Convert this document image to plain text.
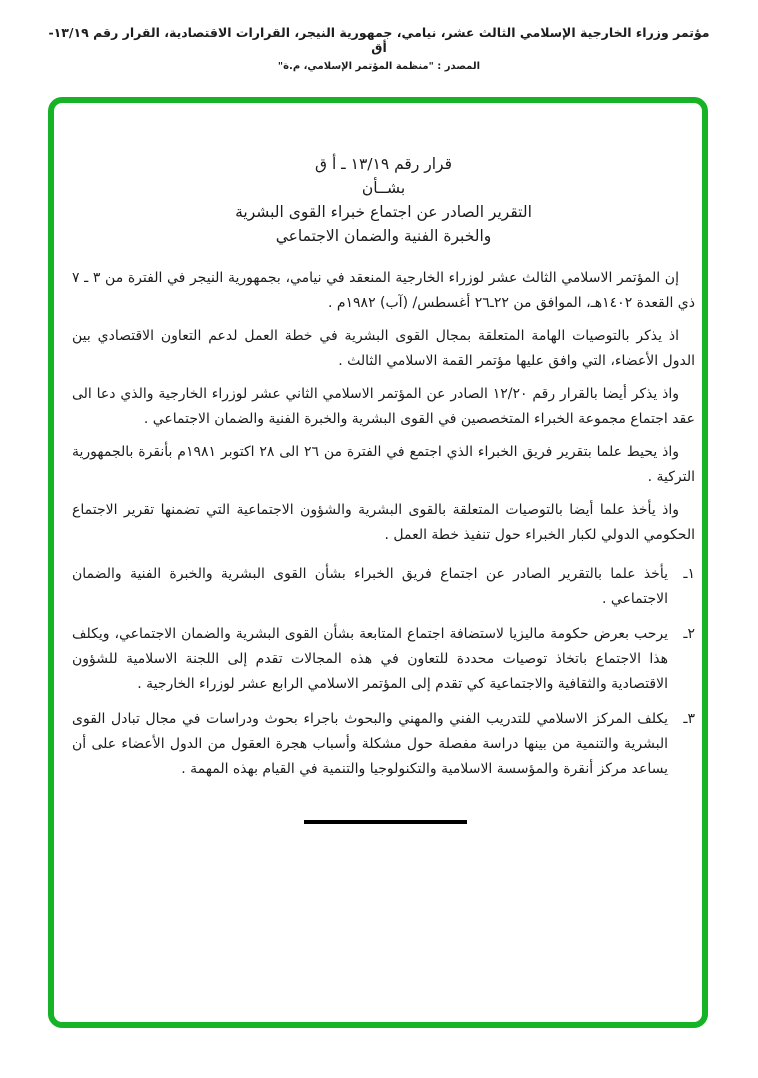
مؤتمر وزراء الخارجية الإسلامي الثالث عشر، نيامي، جمهورية النيجر، القرارات الاقتصادية، القرار رقم ١٣/١٩- أق
المصدر : "منظمة المؤتمر الإسلامي، م.ة"
قرار رقم ١٣/١٩ ـ أ ق
بشــأن
التقرير الصادر عن اجتماع خبراء القوى البشرية
والخبرة الفنية والضمان الاجتماعي

إن المؤتمر الاسلامي الثالث عشر لوزراء الخارجية المنعقد في نيامي، بجمهورية النيجر في الفترة من ٣ ـ ٧ ذي القعدة ١٤٠٢هـ، الموافق من ٢٢ـ٢٦ أغسطس/ (آب) ١٩٨٢م .

اذ يذكر بالتوصيات الهامة المتعلقة بمجال القوى البشرية في خطة العمل لدعم التعاون الاقتصادي بين الدول الأعضاء، التي وافق عليها مؤتمر القمة الاسلامي الثالث .

واذ يذكر أيضا بالقرار رقم ١٢/٢٠ الصادر عن المؤتمر الاسلامي الثاني عشر لوزراء الخارجية والذي دعا الى عقد اجتماع مجموعة الخبراء المتخصصين في القوى البشرية والخبرة الفنية والضمان الاجتماعي .

واذ يحيط علما بتقرير فريق الخبراء الذي اجتمع في الفترة من ٢٦ الى ٢٨ اكتوبر ١٩٨١م بأنقرة بالجمهورية التركية .

واذ يأخذ علما أيضا بالتوصيات المتعلقة بالقوى البشرية والشؤون الاجتماعية التي تضمنها تقرير الاجتماع الحكومي الدولي لكبار الخبراء حول تنفيذ خطة العمل .

١ـ
يأخذ علما بالتقرير الصادر عن اجتماع فريق الخبراء بشأن القوى البشرية والخبرة الفنية والضمان الاجتماعي .
٢ـ
يرحب بعرض حكومة ماليزيا لاستضافة اجتماع المتابعة بشأن القوى البشرية والضمان الاجتماعي، ويكلف هذا الاجتماع باتخاذ توصيات محددة للتعاون في هذه المجالات تقدم إلى اللجنة الاسلامية للشؤون الاقتصادية والثقافية والاجتماعية كي تقدم إلى المؤتمر الاسلامي الرابع عشر لوزراء الخارجية .
٣ـ
يكلف المركز الاسلامي للتدريب الفني والمهني والبحوث باجراء بحوث ودراسات في مجال تبادل القوى البشرية والتنمية من بينها دراسة مفصلة حول مشكلة وأسباب هجرة العقول من الدول الأعضاء على أن يساعد مركز أنقرة والمؤسسة الاسلامية والتكنولوجيا والتنمية في القيام بهذه المهمة .
